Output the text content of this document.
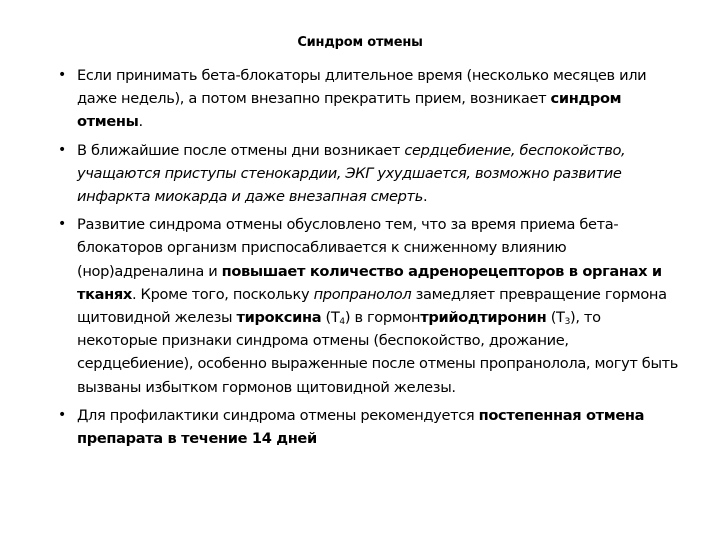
Синдром отмены
• Если принимать бета-блокаторы длительное время (несколько месяцев или даже недель), а потом внезапно прекратить прием, возникает синдром отмены.
• В ближайшие после отмены дни возникает сердцебиение, беспокойство, учащаются приступы стенокардии, ЭКГ ухудшается, возможно развитие инфаркта миокарда и даже внезапная смерть.
• Развитие синдрома отмены обусловлено тем, что за время приема бета-блокаторов организм приспосабливается к сниженному влиянию (нор)адреналина и повышает количество адренорецепторов в органах и тканях. Кроме того, поскольку пропранолол замедляет превращение гормона щитовидной железы тироксина $(Т_4)$ в гормонтрийодтиронин $(Т_3)$, то некоторые признаки синдрома отмены (беспокойство, дрожание, сердцебиение), особенно выраженные после отмены пропранолола, могут быть вызваны избытком гормонов щитовидной железы.
• Для профилактики синдрома отмены рекомендуется постепенная отмена препарата в течение 14 дней
